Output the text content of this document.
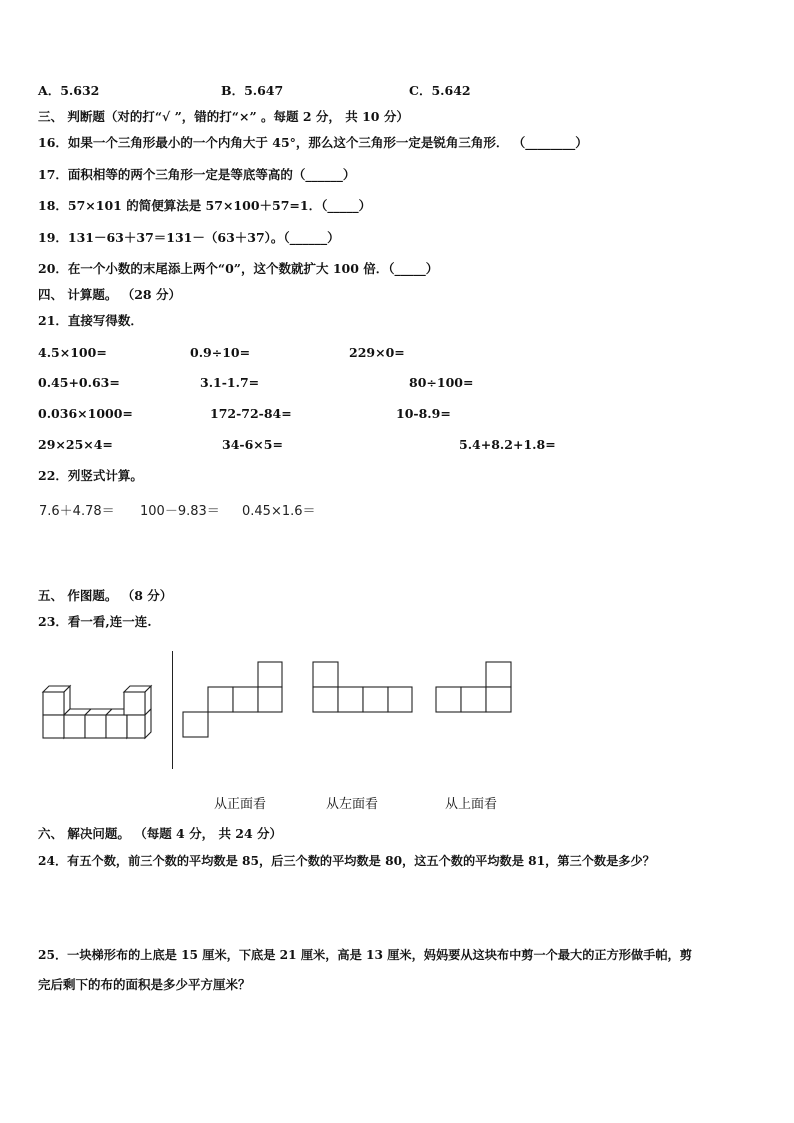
A．5.632	B．5.647	C．5.642
三、 判断题（对的打“√ ”，错的打“×” 。每题 2 分， 共 10 分）
16．如果一个三角形最小的一个内角大于 45°，那么这个三角形一定是锐角三角形． （________）
17．面积相等的两个三角形一定是等底等高的（______）
18．57×101 的简便算法是 57×100＋57=1．（_____）
19．131－63＋37＝131－（63＋37）。（______）
20．在一个小数的末尾添上两个“0”，这个数就扩大 100 倍．（_____）
四、 计算题。 （28 分）
21．直接写得数．
4.5×100=	0.9÷10=	229×0=
0.45+0.63=	3.1-1.7=	80÷100=
0.036×1000=	172-72-84=	10-8.9=
29×25×4=	34-6×5=	5.4+8.2+1.8=
22．列竖式计算。
7.6＋4.78＝ 100－9.83＝ 0.45×1.6＝
五、 作图题。 （8 分）
23．看一看,连一连.
从正面看	从左面看	从上面看
六、 解决问题。 （每题 4 分， 共 24 分）
24．有五个数，前三个数的平均数是 85，后三个数的平均数是 80，这五个数的平均数是 81，第三个数是多少？
25．一块梯形布的上底是 15 厘米，下底是 21 厘米，高是 13 厘米，妈妈要从这块布中剪一个最大的正方形做手帕，剪
完后剩下的布的面积是多少平方厘米？
